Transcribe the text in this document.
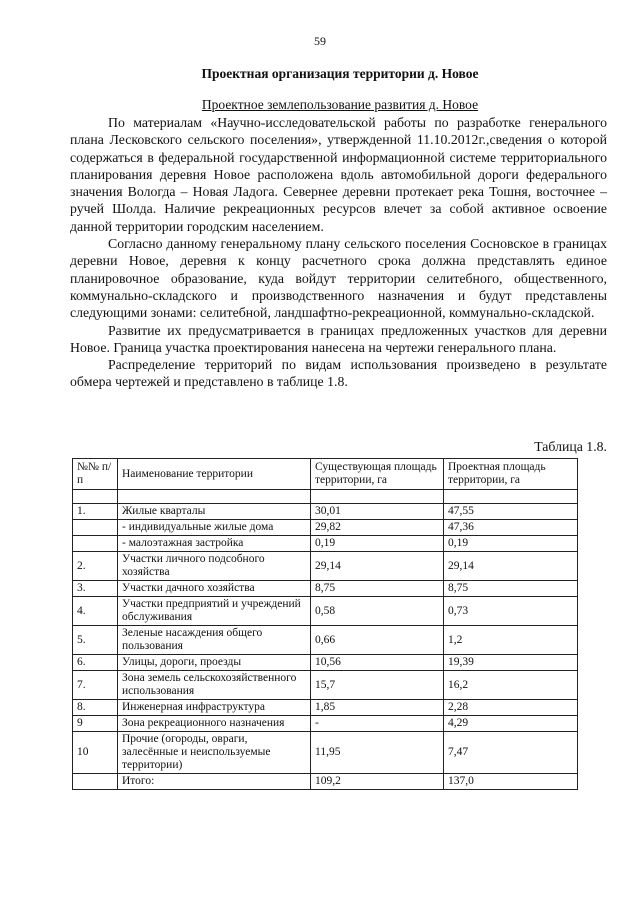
59
Проектная организация территории д. Новое
Проектное землепользование развития д. Новое

По материалам «Научно-исследовательской работы по разработке генерального плана Лесковского сельского поселения», утвержденной 11.10.2012г.,сведения о которой содержаться в федеральной государственной информационной системе территориального планирования деревня Новое расположена вдоль автомобильной дороги федерального значения Вологда – Новая Ладога. Севернее деревни протекает река Тошня, восточнее – ручей Шолда. Наличие рекреационных ресурсов влечет за собой активное освоение данной территории городским населением.

Согласно данному генеральному плану сельского поселения Сосновское в границах деревни Новое, деревня к концу расчетного срока должна представлять единое планировочное образование, куда войдут территории селитебного, общественного, коммунально-складского и производственного назначения и будут представлены следующими зонами: селитебной, ландшафтно-рекреационной, коммунально-складской.

Развитие их предусматривается в границах предложенных участков для деревни Новое. Граница участка проектирования нанесена на чертежи генерального плана.

Распределение территорий по видам использования произведено в результате обмера чертежей и представлено в таблице 1.8.

Таблица 1.8.
№№ п/п	Наименование территории	Существующая площадь территории, га	Проектная площадь территории, га

1.	Жилые кварталы	30,01	47,55
	- индивидуальные жилые дома	29,82	47,36
	- малоэтажная застройка	0,19	0,19
2.	Участки личного подсобного хозяйства	29,14	29,14
3.	Участки дачного хозяйства	8,75	8,75
4.	Участки предприятий и учреждений обслуживания	0,58	0,73
5.	Зеленые насаждения общего пользования	0,66	1,2
6.	Улицы, дороги, проезды	10,56	19,39
7.	Зона земель сельскохозяйственного использования	15,7	16,2
8.	Инженерная инфраструктура	1,85	2,28
9	Зона рекреационного назначения	-	4,29
10	Прочие (огороды, овраги, залесённые и неиспользуемые территории)	11,95	7,47
	Итого:	109,2	137,0
